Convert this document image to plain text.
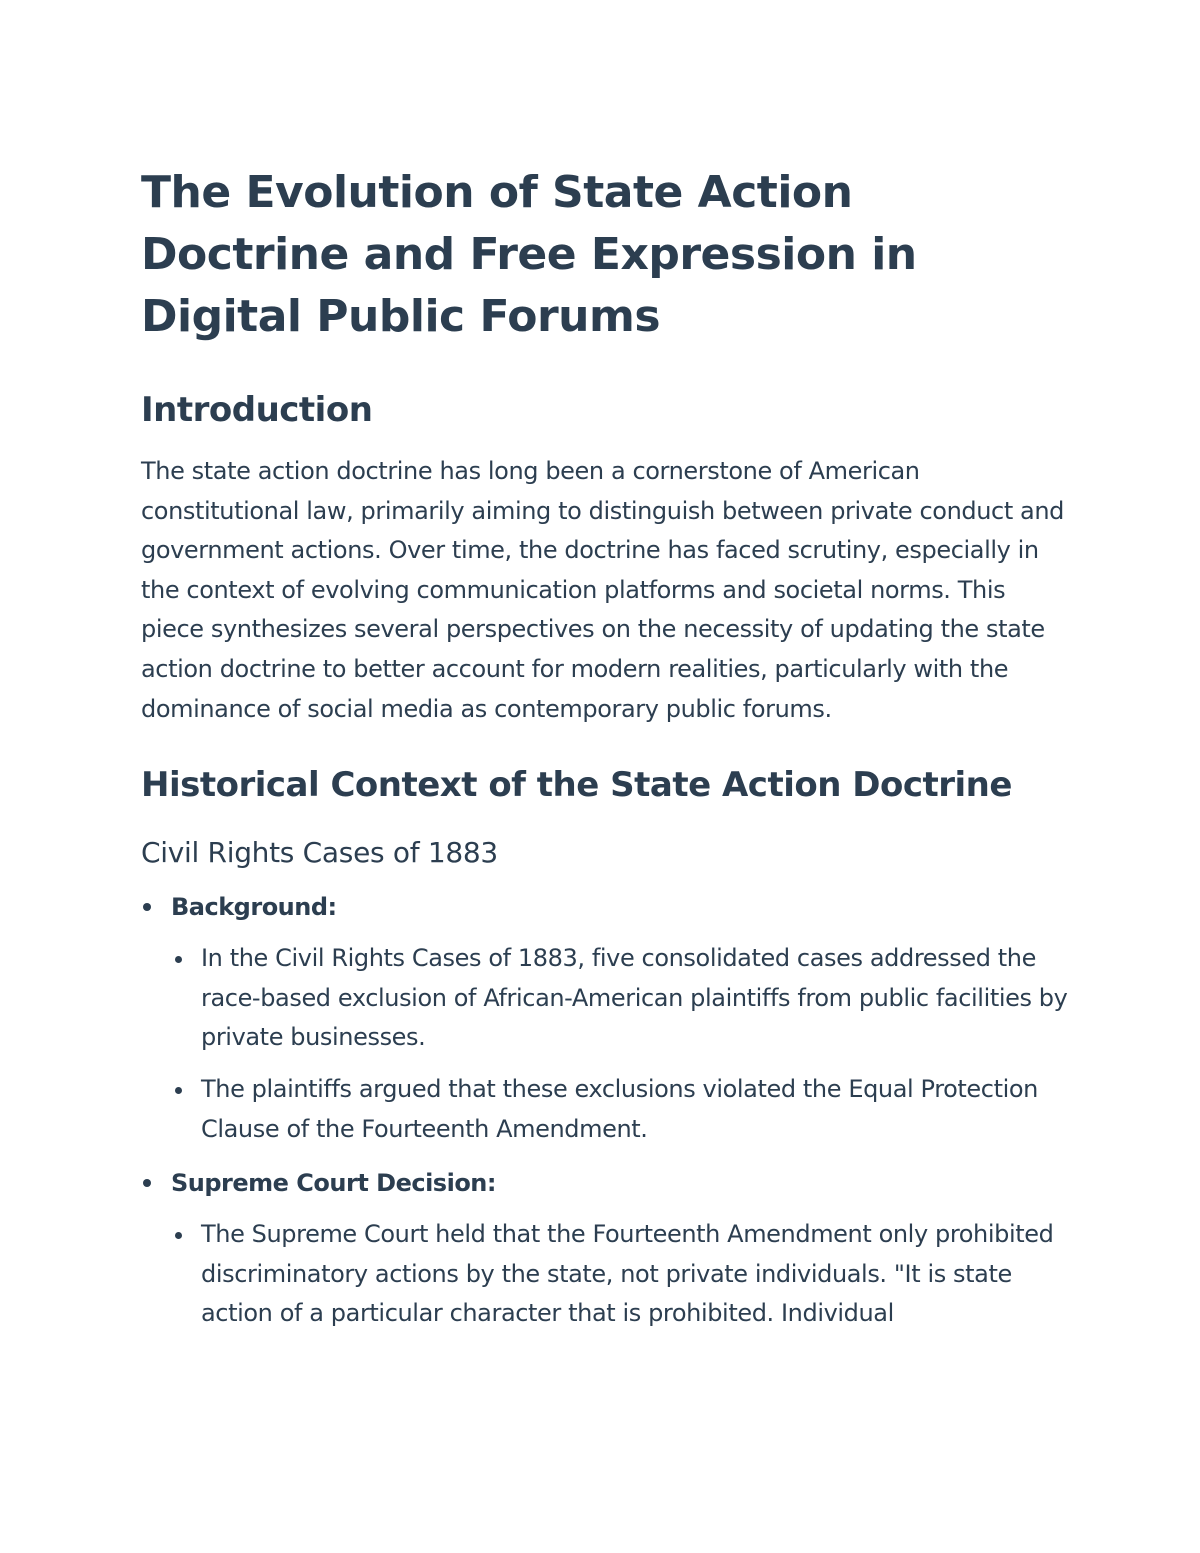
The Evolution of State Action Doctrine and Free Expression in Digital Public Forums
Introduction

The state action doctrine has long been a cornerstone of American constitutional law, primarily aiming to distinguish between private conduct and government actions. Over time, the doctrine has faced scrutiny, especially in the context of evolving communication platforms and societal norms. This piece synthesizes several perspectives on the necessity of updating the state action doctrine to better account for modern realities, particularly with the dominance of social media as contemporary public forums.

Historical Context of the State Action Doctrine
Civil Rights Cases of 1883
Background:
In the Civil Rights Cases of 1883, five consolidated cases addressed the race-based exclusion of African-American plaintiffs from public facilities by private businesses.
The plaintiffs argued that these exclusions violated the Equal Protection Clause of the Fourteenth Amendment.
Supreme Court Decision:
The Supreme Court held that the Fourteenth Amendment only prohibited discriminatory actions by the state, not private individuals. "It is state action of a particular character that is prohibited. Individual
